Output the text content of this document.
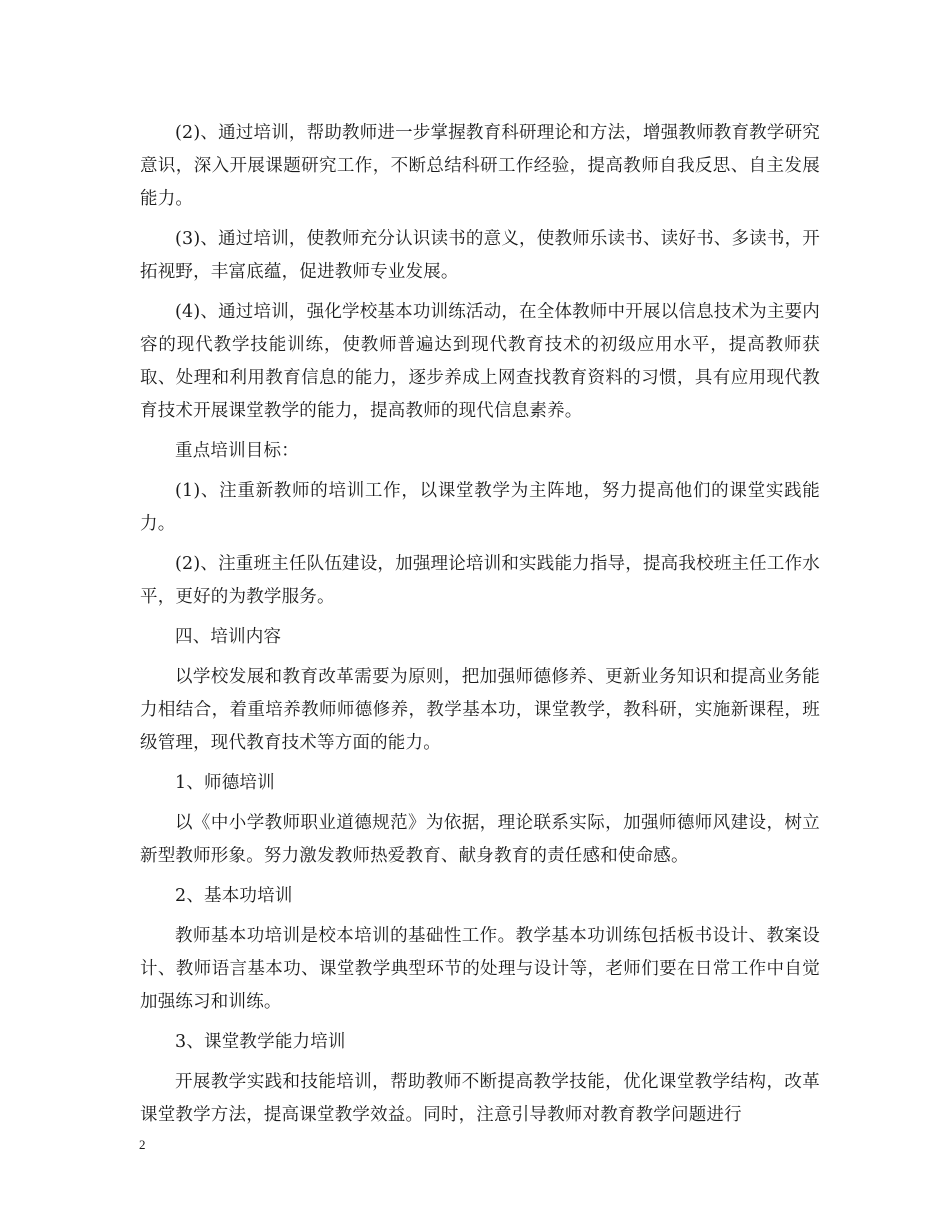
(2)、通过培训，帮助教师进一步掌握教育科研理论和方法，增强教师教育教学研究意识，深入开展课题研究工作，不断总结科研工作经验，提高教师自我反思、自主发展能力。

(3)、通过培训，使教师充分认识读书的意义，使教师乐读书、读好书、多读书，开拓视野，丰富底蕴，促进教师专业发展。

(4)、通过培训，强化学校基本功训练活动，在全体教师中开展以信息技术为主要内容的现代教学技能训练，使教师普遍达到现代教育技术的初级应用水平，提高教师获取、处理和利用教育信息的能力，逐步养成上网查找教育资料的习惯，具有应用现代教育技术开展课堂教学的能力，提高教师的现代信息素养。

重点培训目标：

(1)、注重新教师的培训工作，以课堂教学为主阵地，努力提高他们的课堂实践能力。

(2)、注重班主任队伍建设，加强理论培训和实践能力指导，提高我校班主任工作水平，更好的为教学服务。

四、培训内容

以学校发展和教育改革需要为原则，把加强师德修养、更新业务知识和提高业务能力相结合，着重培养教师师德修养，教学基本功，课堂教学，教科研，实施新课程，班级管理，现代教育技术等方面的能力。

1、师德培训

以《中小学教师职业道德规范》为依据，理论联系实际，加强师德师风建设，树立新型教师形象。努力激发教师热爱教育、献身教育的责任感和使命感。

2、基本功培训

教师基本功培训是校本培训的基础性工作。教学基本功训练包括板书设计、教案设计、教师语言基本功、课堂教学典型环节的处理与设计等，老师们要在日常工作中自觉加强练习和训练。

3、课堂教学能力培训

开展教学实践和技能培训，帮助教师不断提高教学技能，优化课堂教学结构，改革课堂教学方法，提高课堂教学效益。同时，注意引导教师对教育教学问题进行

2
